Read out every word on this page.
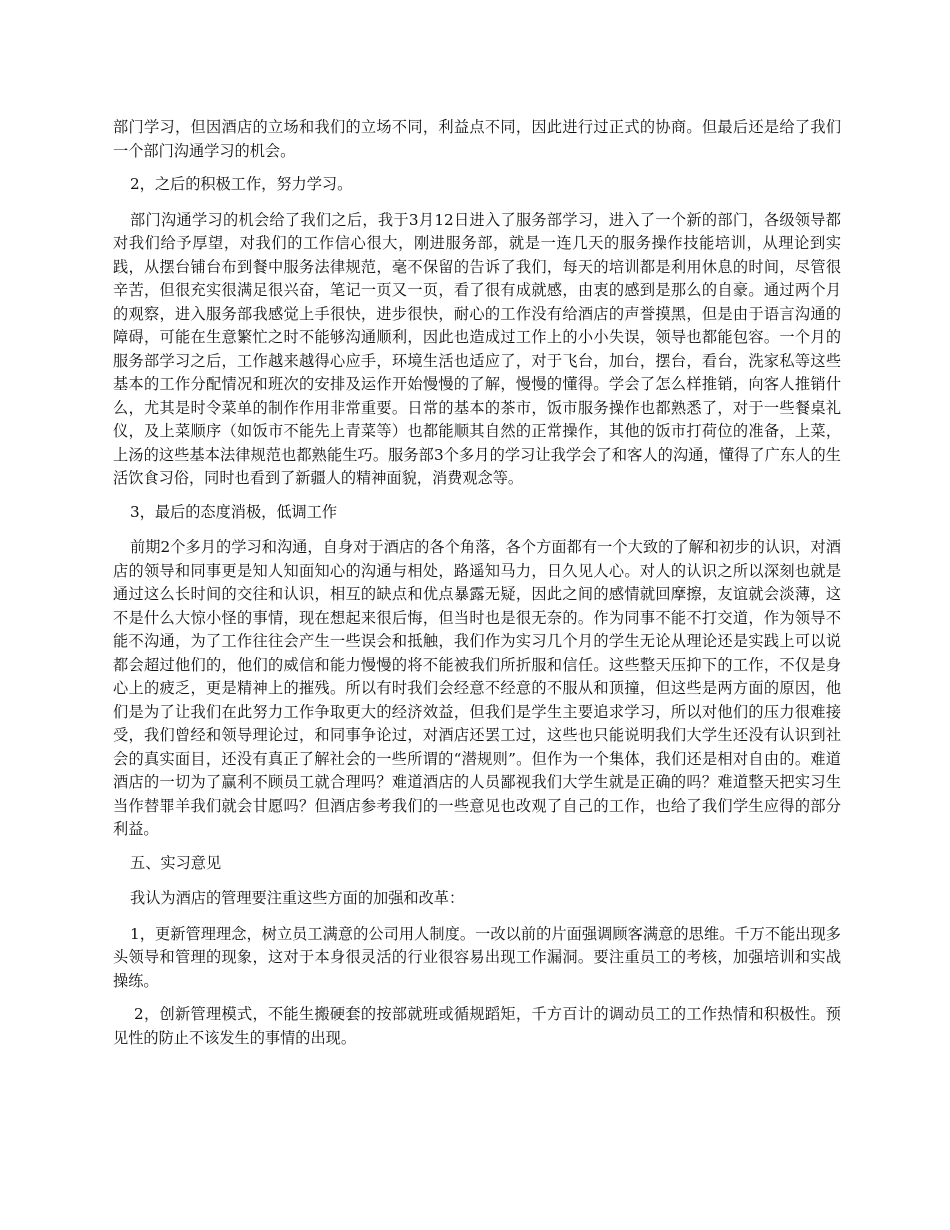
部门学习，但因酒店的立场和我们的立场不同，利益点不同，因此进行过正式的协商。但最后还是给了我们一个部门沟通学习的机会。

2，之后的积极工作，努力学习。

部门沟通学习的机会给了我们之后，我于3月12日进入了服务部学习，进入了一个新的部门，各级领导都对我们给予厚望，对我们的工作信心很大，刚进服务部，就是一连几天的服务操作技能培训，从理论到实践，从摆台铺台布到餐中服务法律规范，毫不保留的告诉了我们，每天的培训都是利用休息的时间，尽管很辛苦，但很充实很满足很兴奋，笔记一页又一页，看了很有成就感，由衷的感到是那么的自豪。通过两个月的观察，进入服务部我感觉上手很快，进步很快，耐心的工作没有给酒店的声誉摸黑，但是由于语言沟通的障碍，可能在生意繁忙之时不能够沟通顺利，因此也造成过工作上的小小失误，领导也都能包容。一个月的服务部学习之后，工作越来越得心应手，环境生活也适应了，对于飞台，加台，摆台，看台，洗家私等这些基本的工作分配情况和班次的安排及运作开始慢慢的了解，慢慢的懂得。学会了怎么样推销，向客人推销什么，尤其是时令菜单的制作作用非常重要。日常的基本的茶市，饭市服务操作也都熟悉了，对于一些餐桌礼仪，及上菜顺序（如饭市不能先上青菜等）也都能顺其自然的正常操作，其他的饭市打荷位的准备，上菜，上汤的这些基本法律规范也都熟能生巧。服务部3个多月的学习让我学会了和客人的沟通，懂得了广东人的生活饮食习俗，同时也看到了新疆人的精神面貌，消费观念等。

3，最后的态度消极，低调工作

前期2个多月的学习和沟通，自身对于酒店的各个角落，各个方面都有一个大致的了解和初步的认识，对酒店的领导和同事更是知人知面知心的沟通与相处，路遥知马力，日久见人心。对人的认识之所以深刻也就是通过这么长时间的交往和认识，相互的缺点和优点暴露无疑，因此之间的感情就回摩擦，友谊就会淡薄，这不是什么大惊小怪的事情，现在想起来很后悔，但当时也是很无奈的。作为同事不能不打交道，作为领导不能不沟通，为了工作往往会产生一些误会和抵触，我们作为实习几个月的学生无论从理论还是实践上可以说都会超过他们的，他们的威信和能力慢慢的将不能被我们所折服和信任。这些整天压抑下的工作，不仅是身心上的疲乏，更是精神上的摧残。所以有时我们会经意不经意的不服从和顶撞，但这些是两方面的原因，他们是为了让我们在此努力工作争取更大的经济效益，但我们是学生主要追求学习，所以对他们的压力很难接受，我们曾经和领导理论过，和同事争论过，对酒店还罢工过，这些也只能说明我们大学生还没有认识到社会的真实面目，还没有真正了解社会的一些所谓的“潜规则”。但作为一个集体，我们还是相对自由的。难道酒店的一切为了赢利不顾员工就合理吗？难道酒店的人员鄙视我们大学生就是正确的吗？难道整天把实习生当作替罪羊我们就会甘愿吗？但酒店参考我们的一些意见也改观了自己的工作，也给了我们学生应得的部分利益。

五、实习意见

我认为酒店的管理要注重这些方面的加强和改革：

1，更新管理理念，树立员工满意的公司用人制度。一改以前的片面强调顾客满意的思维。千万不能出现多头领导和管理的现象，这对于本身很灵活的行业很容易出现工作漏洞。要注重员工的考核，加强培训和实战操练。

2，创新管理模式，不能生搬硬套的按部就班或循规蹈矩，千方百计的调动员工的工作热情和积极性。预见性的防止不该发生的事情的出现。
